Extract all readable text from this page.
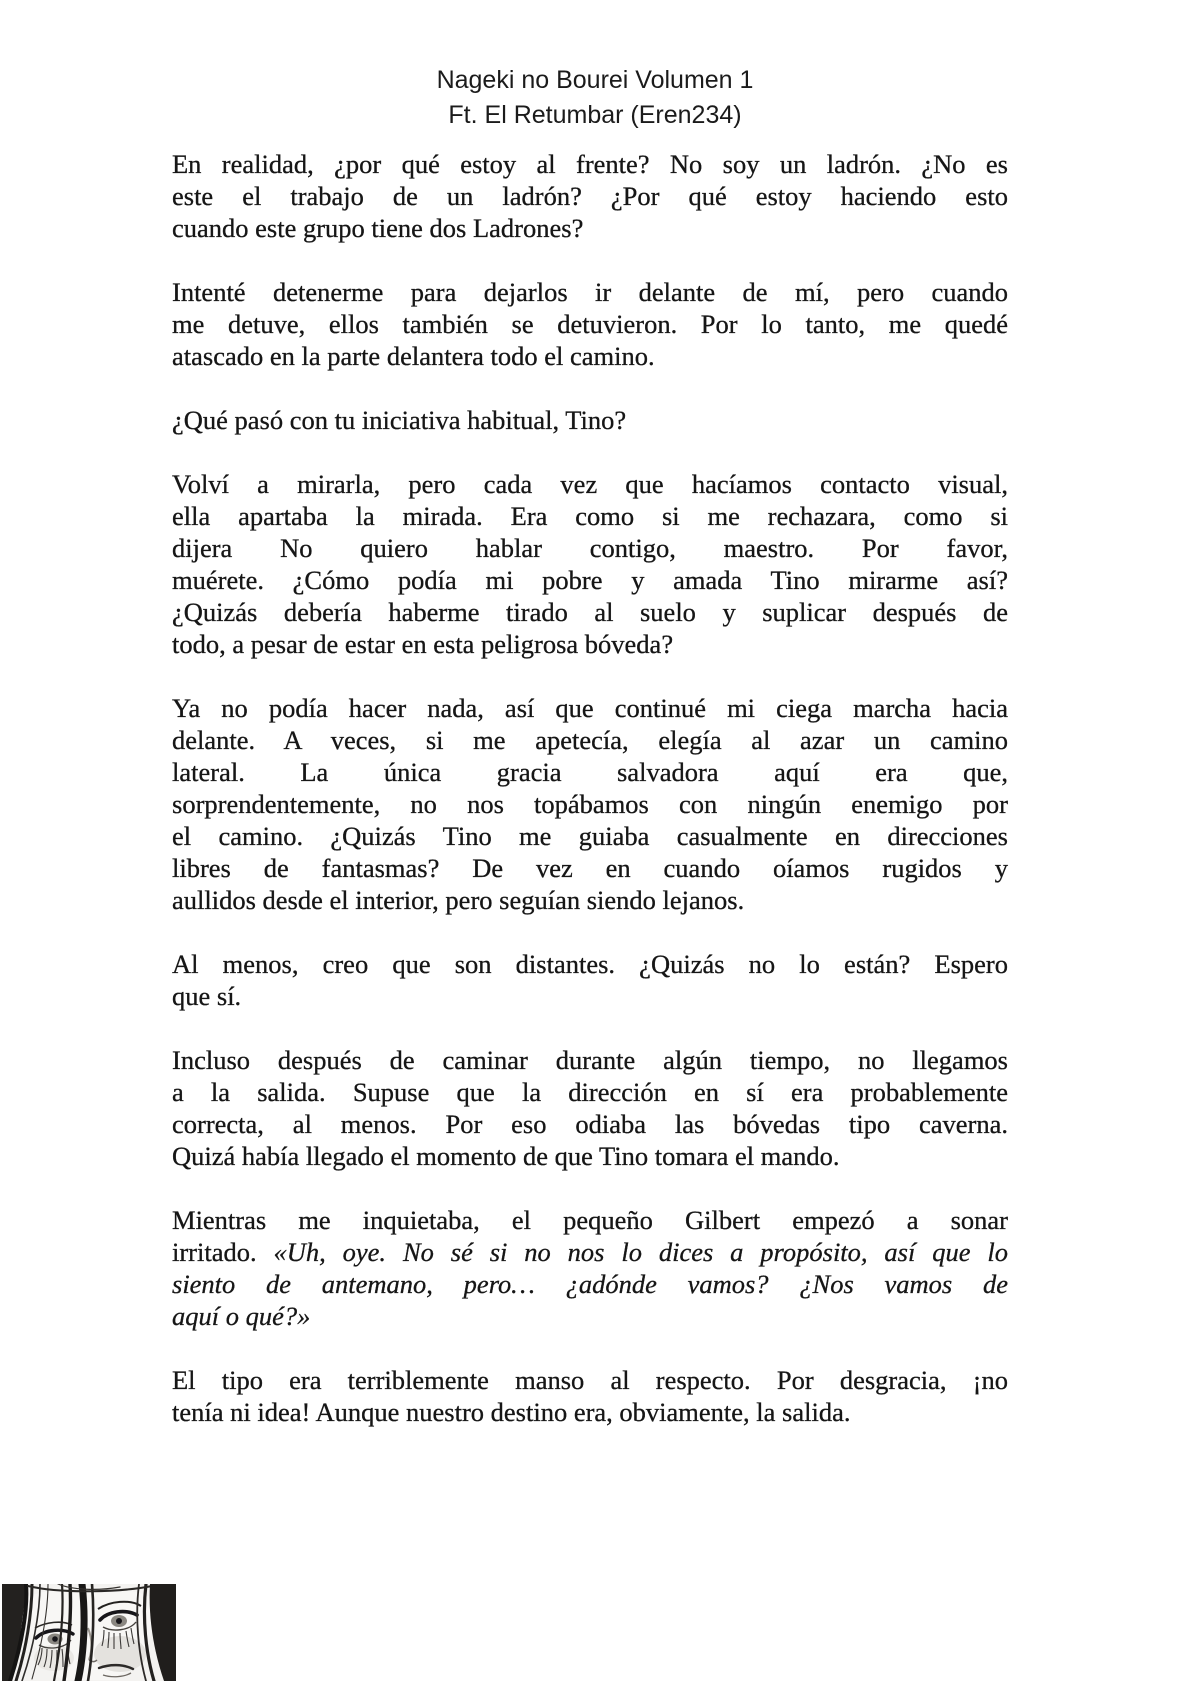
Nageki no Bourei Volumen 1
Ft. El Retumbar (Eren234)
En realidad, ¿por qué estoy al frente? No soy un ladrón. ¿No es
este el trabajo de un ladrón? ¿Por qué estoy haciendo esto
cuando este grupo tiene dos Ladrones?
Intenté detenerme para dejarlos ir delante de mí, pero cuando
me detuve, ellos también se detuvieron. Por lo tanto, me quedé
atascado en la parte delantera todo el camino.
¿Qué pasó con tu iniciativa habitual, Tino?
Volví a mirarla, pero cada vez que hacíamos contacto visual,
ella apartaba la mirada. Era como si me rechazara, como si
dijera No quiero hablar contigo, maestro. Por favor,
muérete. ¿Cómo podía mi pobre y amada Tino mirarme así?
¿Quizás debería haberme tirado al suelo y suplicar después de
todo, a pesar de estar en esta peligrosa bóveda?
Ya no podía hacer nada, así que continué mi ciega marcha hacia
delante. A veces, si me apetecía, elegía al azar un camino
lateral. La única gracia salvadora aquí era que,
sorprendentemente, no nos topábamos con ningún enemigo por
el camino. ¿Quizás Tino me guiaba casualmente en direcciones
libres de fantasmas? De vez en cuando oíamos rugidos y
aullidos desde el interior, pero seguían siendo lejanos.
Al menos, creo que son distantes. ¿Quizás no lo están? Espero
que sí.
Incluso después de caminar durante algún tiempo, no llegamos
a la salida. Supuse que la dirección en sí era probablemente
correcta, al menos. Por eso odiaba las bóvedas tipo caverna.
Quizá había llegado el momento de que Tino tomara el mando.
Mientras me inquietaba, el pequeño Gilbert empezó a sonar
irritado. «Uh, oye. No sé si no nos lo dices a propósito, así que lo
siento de antemano, pero… ¿adónde vamos? ¿Nos vamos de
aquí o qué?»
El tipo era terriblemente manso al respecto. Por desgracia, ¡no
tenía ni idea! Aunque nuestro destino era, obviamente, la salida.
